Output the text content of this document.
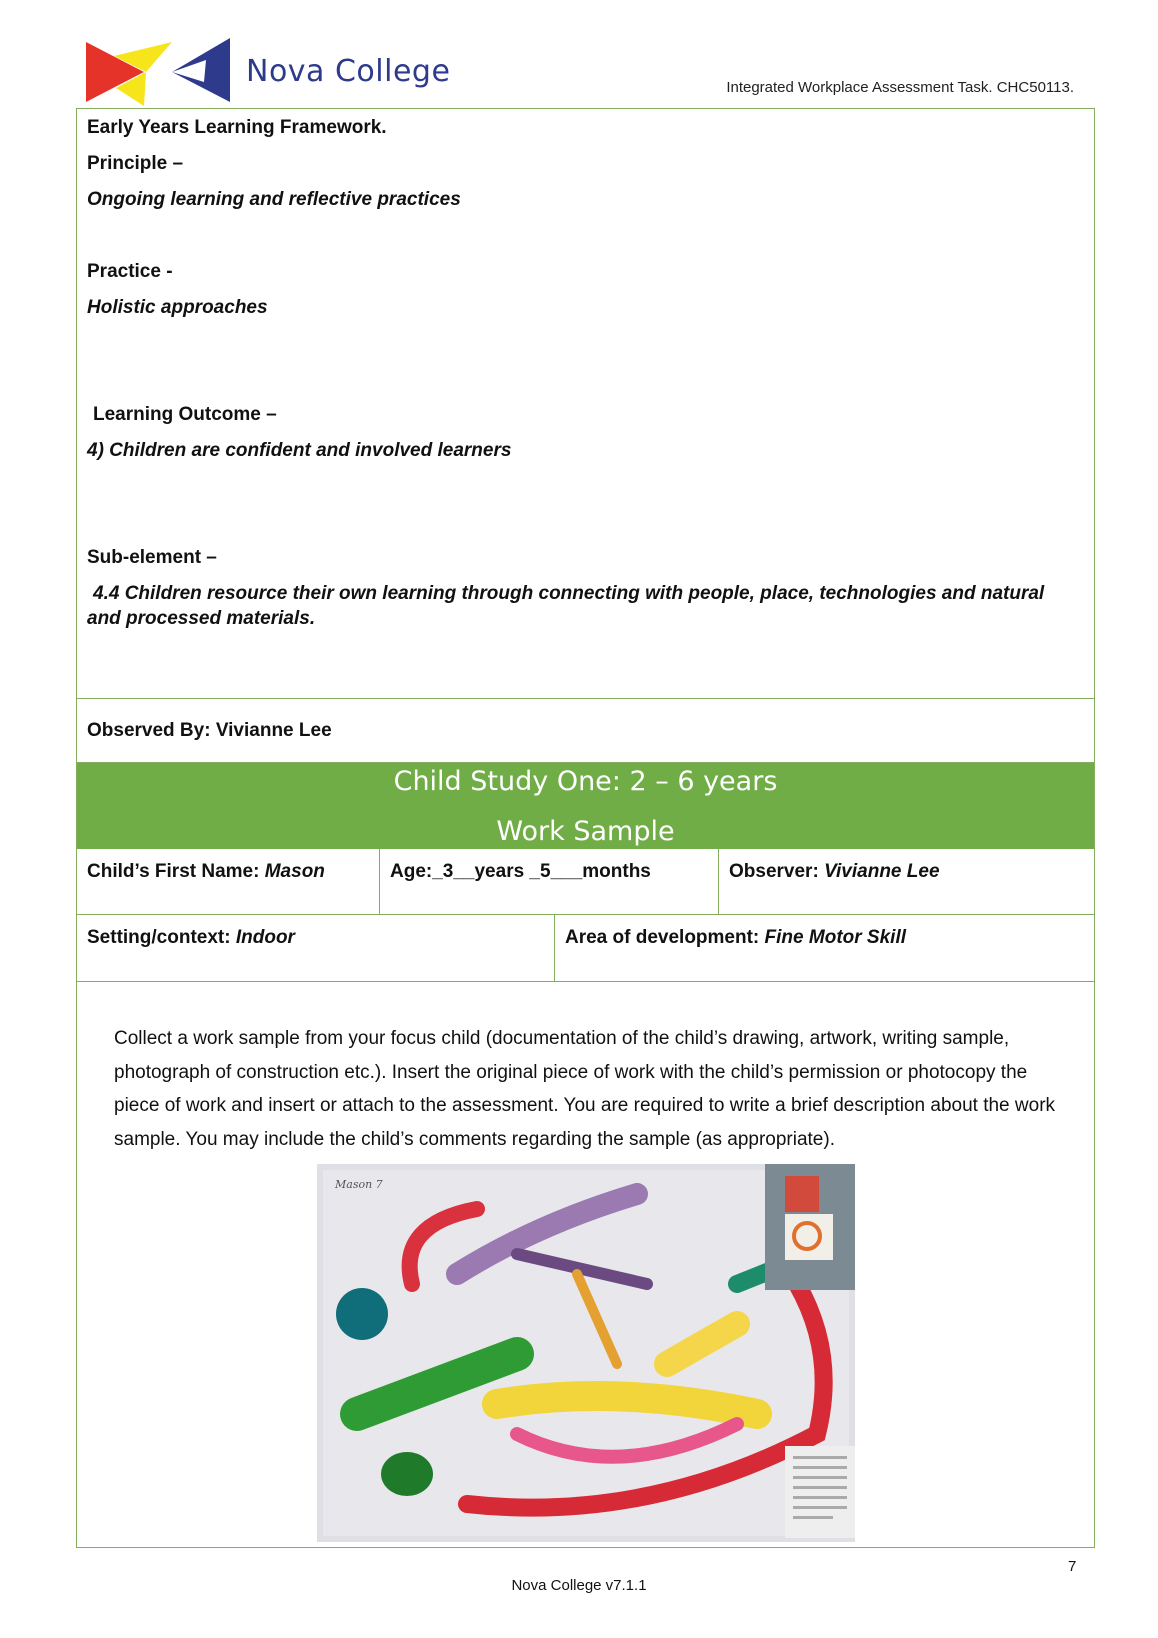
Nova College	Integrated Workplace Assessment Task. CHC50113.
Early Years Learning Framework.
Principle –
Ongoing learning and reflective practices
Practice -
Holistic approaches
Learning Outcome –
4) Children are confident and involved learners
Sub-element –
4.4 Children resource their own learning through connecting with people, place, technologies and natural
and processed materials.
Observed By: Vivianne Lee
Child Study One: 2 – 6 years
Work Sample
Child’s First Name: Mason	Age:_3__years _5___months	Observer: Vivianne Lee
Setting/context: Indoor	Area of development: Fine Motor Skill
Collect a work sample from your focus child (documentation of the child’s drawing, artwork, writing sample, photograph of construction etc.). Insert the original piece of work with the child’s permission or photocopy the piece of work and insert or attach to the assessment. You are required to write a brief description about the work sample. You may include the child’s comments regarding the sample (as appropriate).
Mason 7
7
Nova College v7.1.1
